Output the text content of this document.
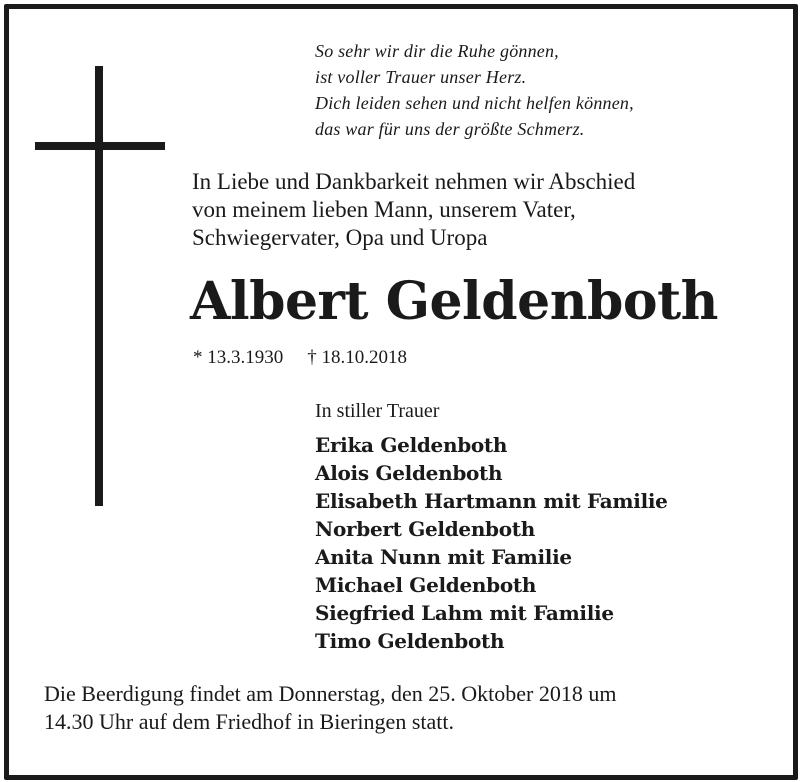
So sehr wir dir die Ruhe gönnen,
ist voller Trauer unser Herz.
Dich leiden sehen und nicht helfen können,
das war für uns der größte Schmerz.
In Liebe und Dankbarkeit nehmen wir Abschied
von meinem lieben Mann, unserem Vater,
Schwiegervater, Opa und Uropa
Albert Geldenboth
* 13.3.1930 † 18.10.2018
In stiller Trauer
Erika Geldenboth
Alois Geldenboth
Elisabeth Hartmann mit Familie
Norbert Geldenboth
Anita Nunn mit Familie
Michael Geldenboth
Siegfried Lahm mit Familie
Timo Geldenboth
Die Beerdigung findet am Donnerstag, den 25. Oktober 2018 um
14.30 Uhr auf dem Friedhof in Bieringen statt.
